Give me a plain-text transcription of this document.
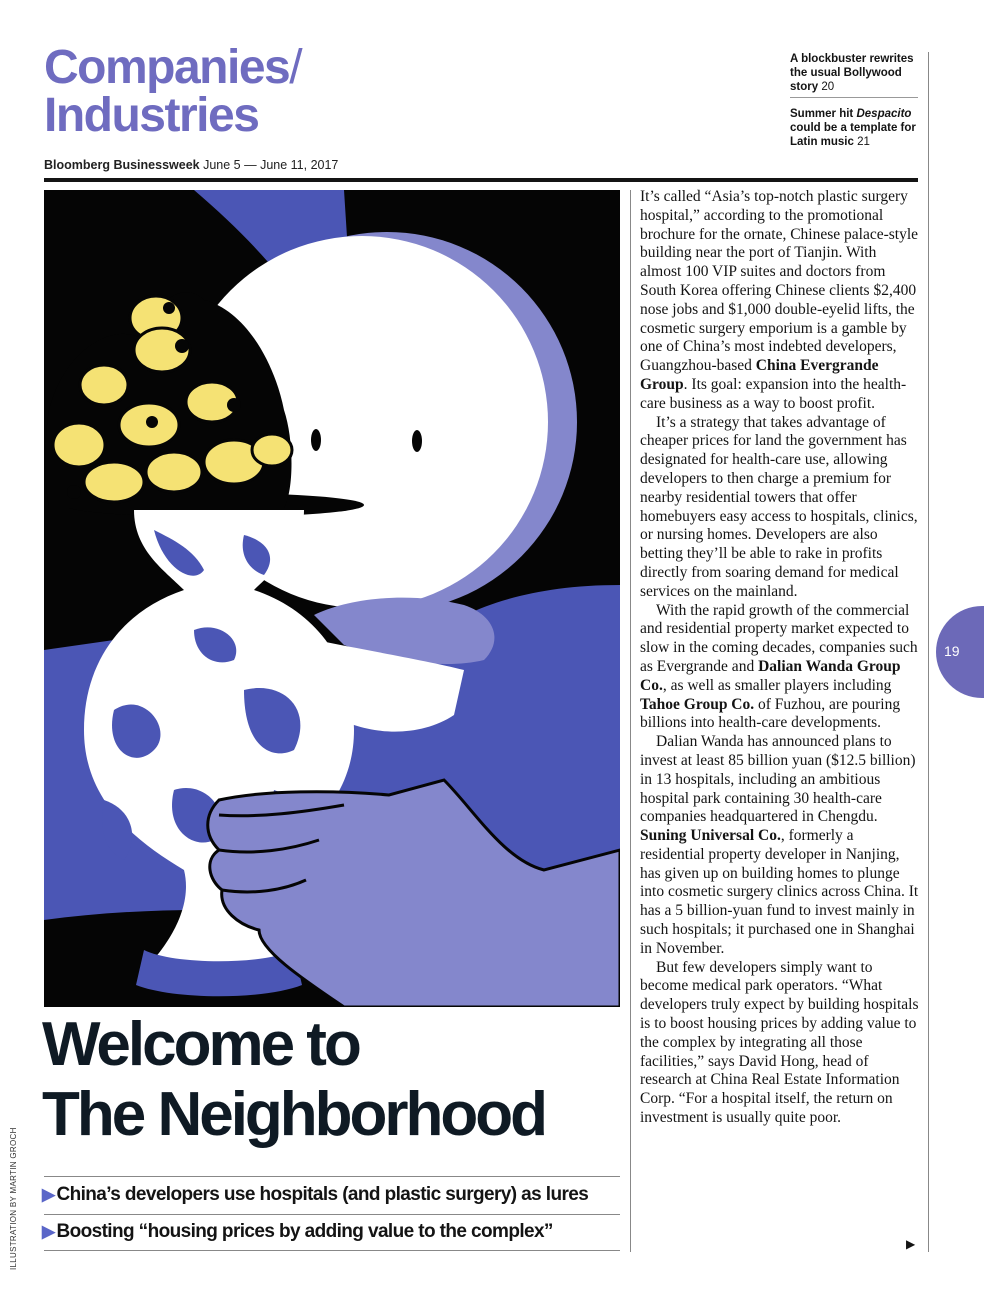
Companies/
Industries
Bloomberg Businessweek June 5 — June 11, 2017
A blockbuster rewrites the usual Bollywood story 20
Summer hit Despacito could be a template for Latin music 21
Welcome to
The Neighborhood
▶ China’s developers use hospitals (and plastic surgery) as lures
▶ Boosting “housing prices by adding value to the complex”
ILLUSTRATION BY MARTIN GROCH

It’s called “Asia’s top-notch plastic surgery hospital,” according to the promotional brochure for the ornate, Chinese palace-style building near the port of Tianjin. With almost 100 VIP suites and doctors from South Korea offering Chinese clients $2,400 nose jobs and $1,000 double-eyelid lifts, the cosmetic surgery emporium is a gamble by one of China’s most indebted developers, Guangzhou-based China Evergrande Group. Its goal: expansion into the health-care business as a way to boost profit.

It’s a strategy that takes advantage of cheaper prices for land the government has designated for health-care use, allowing developers to then charge a premium for nearby residential towers that offer homebuyers easy access to hospitals, clinics, or nursing homes. Developers are also betting they’ll be able to rake in profits directly from soaring demand for medical services on the mainland.

With the rapid growth of the commercial and residential property market expected to slow in the coming decades, companies such as Evergrande and Dalian Wanda Group Co., as well as smaller players including Tahoe Group Co. of Fuzhou, are pouring billions into health-care developments.

Dalian Wanda has announced plans to invest at least 85 billion yuan ($12.5 billion) in 13 hospitals, including an ambitious hospital park containing 30 health-care companies headquartered in Chengdu. Suning Universal Co., formerly a residential property developer in Nanjing, has given up on building homes to plunge into cosmetic surgery clinics across China. It has a 5 billion-yuan fund to invest mainly in such hospitals; it purchased one in Shanghai in November.

But few developers simply want to become medical park operators. “What developers truly expect by building hospitals is to boost housing prices by adding value to the complex by integrating all those facilities,” says David Hong, head of research at China Real Estate Information Corp. “For a hospital itself, the return on investment is usually quite poor.

▶
19
